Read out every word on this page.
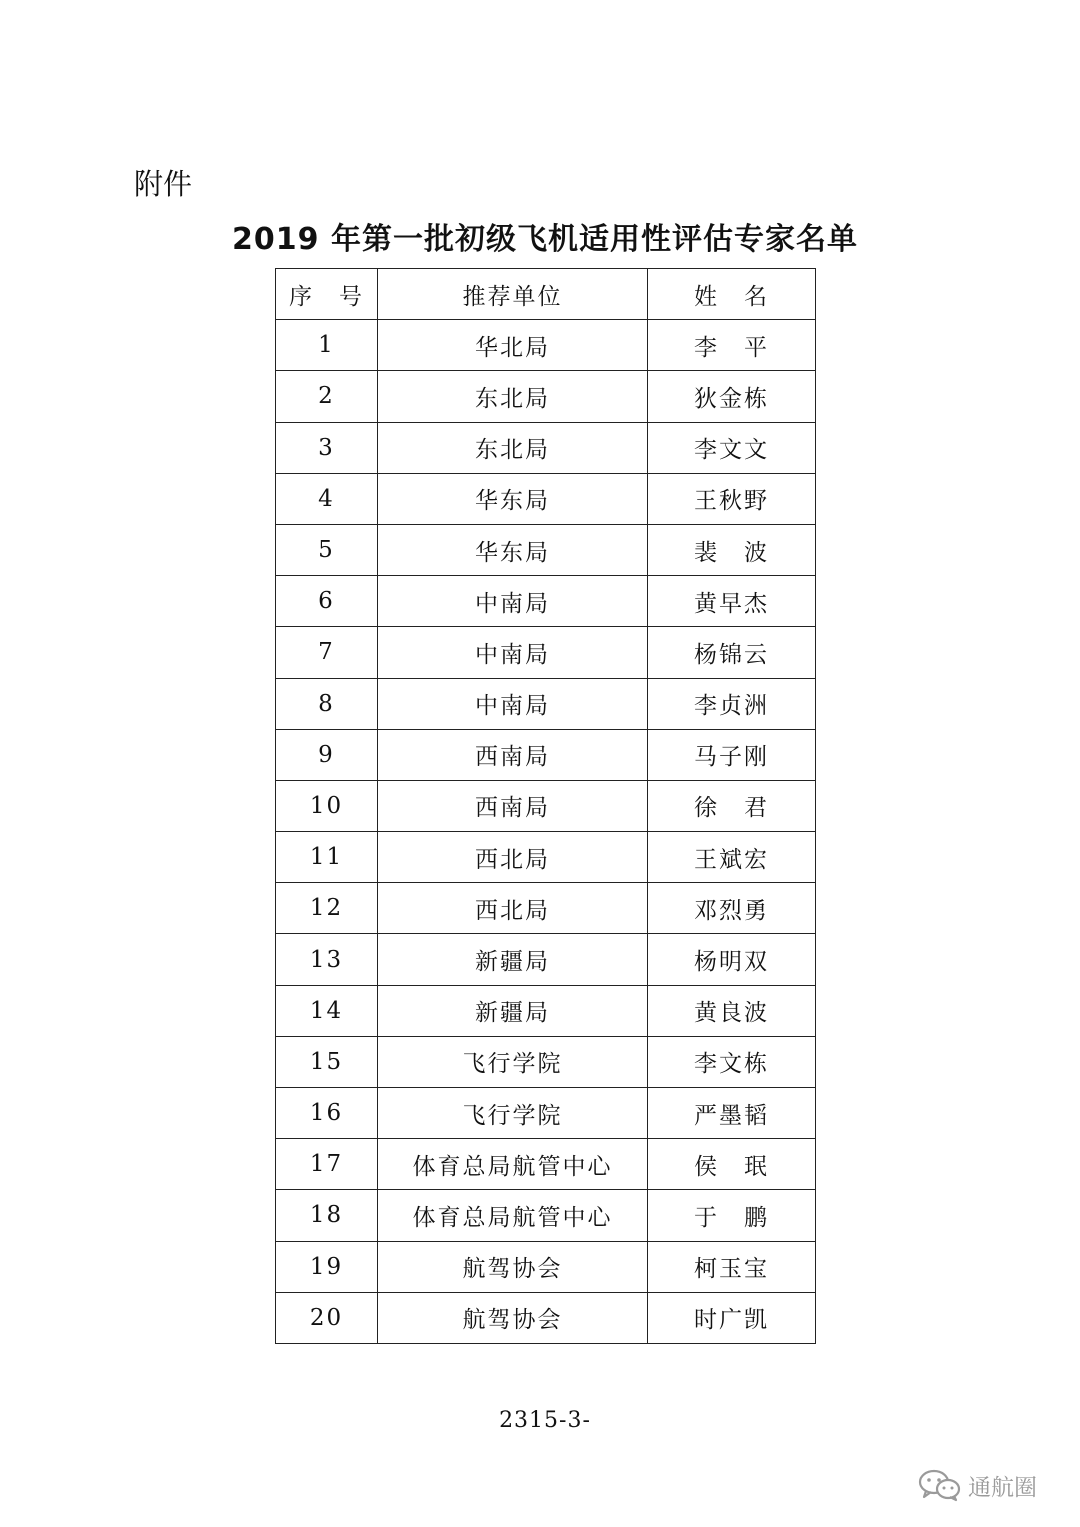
附件
2019 年第一批初级飞机适用性评估专家名单
序　号	推荐单位	姓　名
1	华北局	李　平
2	东北局	狄金栋
3	东北局	李文文
4	华东局	王秋野
5	华东局	裴　波
6	中南局	黄早杰
7	中南局	杨锦云
8	中南局	李贞洲
9	西南局	马子刚
10	西南局	徐　君
11	西北局	王斌宏
12	西北局	邓烈勇
13	新疆局	杨明双
14	新疆局	黄良波
15	飞行学院	李文栋
16	飞行学院	严墨韬
17	体育总局航管中心	侯　珉
18	体育总局航管中心	于　鹏
19	航驾协会	柯玉宝
20	航驾协会	时广凯
2315-3-
通航圈
